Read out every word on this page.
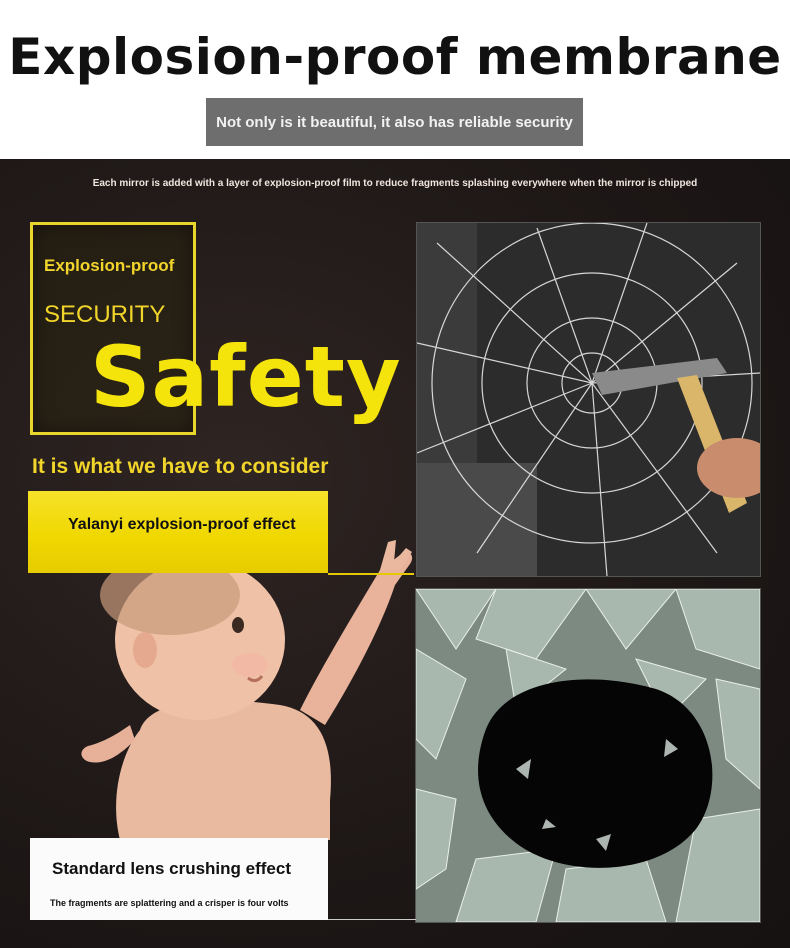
Explosion-proof membrane
Not only is it beautiful, it also has reliable security
Each mirror is added with a layer of explosion-proof film to reduce fragments splashing everywhere when the mirror is chipped
Explosion-proof
SECURITY
Safety
It is what we have to consider
Yalanyi explosion-proof effect
Standard lens crushing effect
The fragments are splattering and a crisper is four volts
